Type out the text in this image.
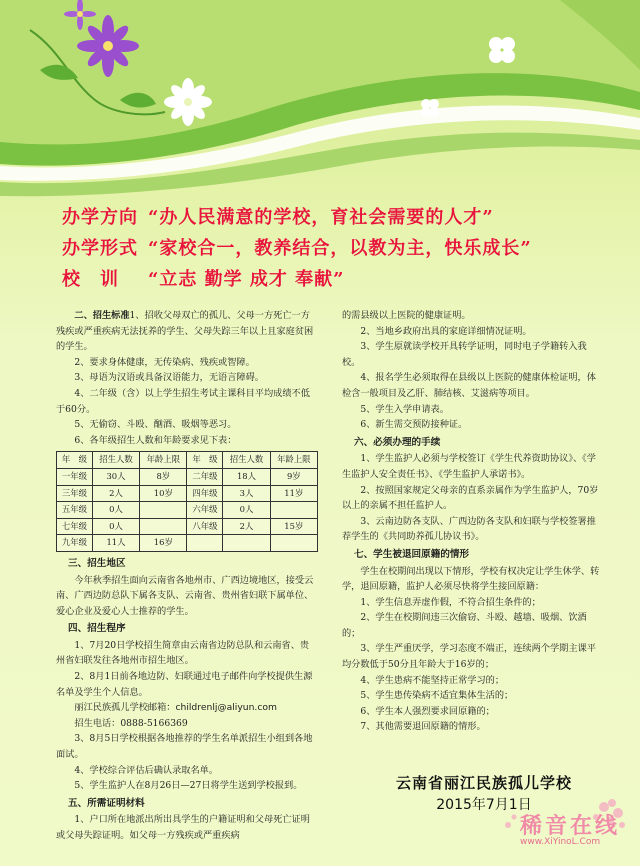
办学方向 “办人民满意的学校，育社会需要的人才”
办学形式 “家校合一，教养结合，以教为主，快乐成长”
校　训	“立志 勤学 成才 奉献”

二、招生标准1、招收父母双亡的孤儿、父母一方死亡一方残疾或严重疾病无法抚养的学生、父母失踪三年以上且家庭贫困的学生。

2、要求身体健康，无传染病、残疾或智障。

3、母语为汉语或具备汉语能力，无语言障碍。

4、二年级（含）以上学生招生考试主课科目平均成绩不低于60分。

5、无偷窃、斗殴、酗酒、吸烟等恶习。

6、各年级招生人数和年龄要求见下表：

年　级	招生人数	年龄上限	年　级	招生人数	年龄上限
一年级	30人	8岁	二年级	18人	9岁
三年级	2人	10岁	四年级	3人	11岁
五年级	0人		六年级	0人	
七年级	0人		八年级	2人	15岁
九年级	11人	16岁			

三、招生地区

今年秋季招生面向云南省各地州市、广西边境地区，接受云南、广西边防总队下属各支队、云南省、贵州省妇联下属单位、爱心企业及爱心人士推荐的学生。

四、招生程序

1、7月20日学校招生简章由云南省边防总队和云南省、贵州省妇联发往各地州市招生地区。

2、8月1日前各地边防、妇联通过电子邮件向学校提供生源名单及学生个人信息。

丽江民族孤儿学校邮箱：childrenlj@aliyun.com

招生电话：0888-5166369

3、8月5日学校根据各地推荐的学生名单派招生小组到各地面试。

4、学校综合评估后确认录取名单。

5、学生监护人在8月26日—27日将学生送到学校报到。

五、所需证明材料

1、户口所在地派出所出具学生的户籍证明和父母死亡证明或父母失踪证明。如父母一方残疾或严重疾病

的需县级以上医院的健康证明。

2、当地乡政府出具的家庭详细情况证明。

3、学生原就读学校开具转学证明，同时电子学籍转入我校。

4、报名学生必须取得在县级以上医院的健康体检证明，体检含一般项目及乙肝、肺结核、艾滋病等项目。

5、学生入学申请表。

6、新生需交预防接种证。

六、必须办理的手续

1、学生监护人必须与学校签订《学生代养资助协议》、《学生监护人安全责任书》、《学生监护人承诺书》。

2、按照国家规定父母亲的直系亲属作为学生监护人，70岁以上的亲属不担任监护人。

3、云南边防各支队、广西边防各支队和妇联与学校签署推荐学生的《共同助养孤儿协议书》。

七、学生被退回原籍的情形

学生在校期间出现以下情形，学校有权决定让学生休学、转学，退回原籍，监护人必须尽快将学生接回原籍：

1、学生信息弄虚作假，不符合招生条件的；

2、学生在校期间违三次偷窃、斗殴、越墙、吸烟、饮酒的；

3、学生严重厌学，学习态度不端正，连续两个学期主课平均分数低于50分且年龄大于16岁的；

4、学生患病不能坚持正常学习的；

5、学生患传染病不适宜集体生活的；

6、学生本人强烈要求回原籍的；

7、其他需要退回原籍的情形。

云南省丽江民族孤儿学校
2015年7月1日
稀音在线
www.XiYinoL.Com
